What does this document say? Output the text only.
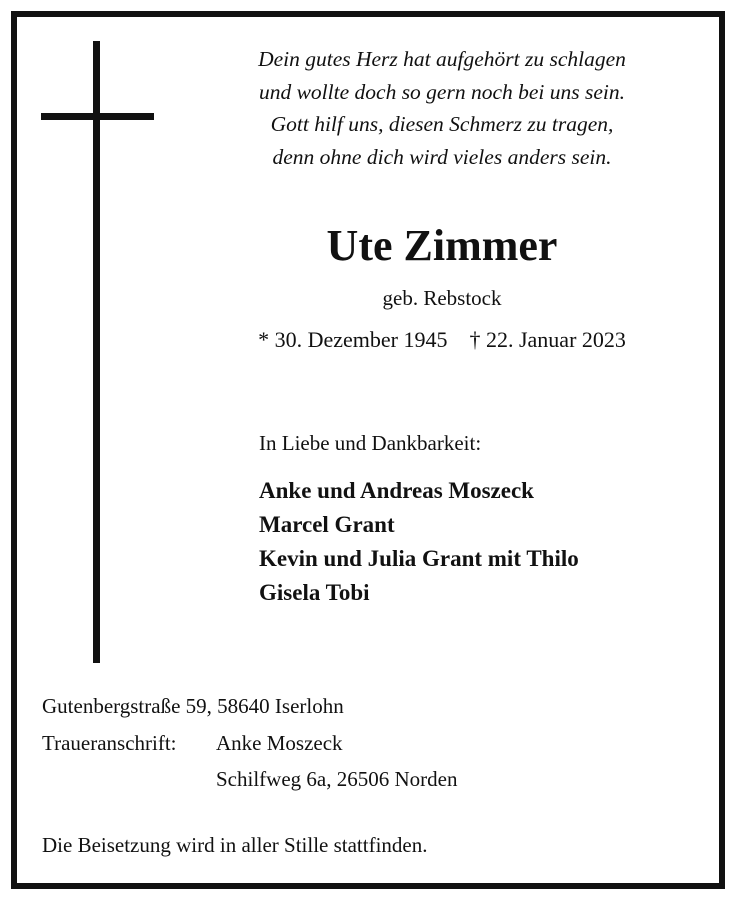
Dein gutes Herz hat aufgehört zu schlagen
und wollte doch so gern noch bei uns sein.
Gott hilf uns, diesen Schmerz zu tragen,
denn ohne dich wird vieles anders sein.
Ute Zimmer
geb. Rebstock
* 30. Dezember 1945 † 22. Januar 2023
In Liebe und Dankbarkeit:
Anke und Andreas Moszeck
Marcel Grant
Kevin und Julia Grant mit Thilo
Gisela Tobi
Gutenbergstraße 59, 58640 Iserlohn
Traueranschrift: Anke Moszeck
Schilfweg 6a, 26506 Norden
Die Beisetzung wird in aller Stille stattfinden.
